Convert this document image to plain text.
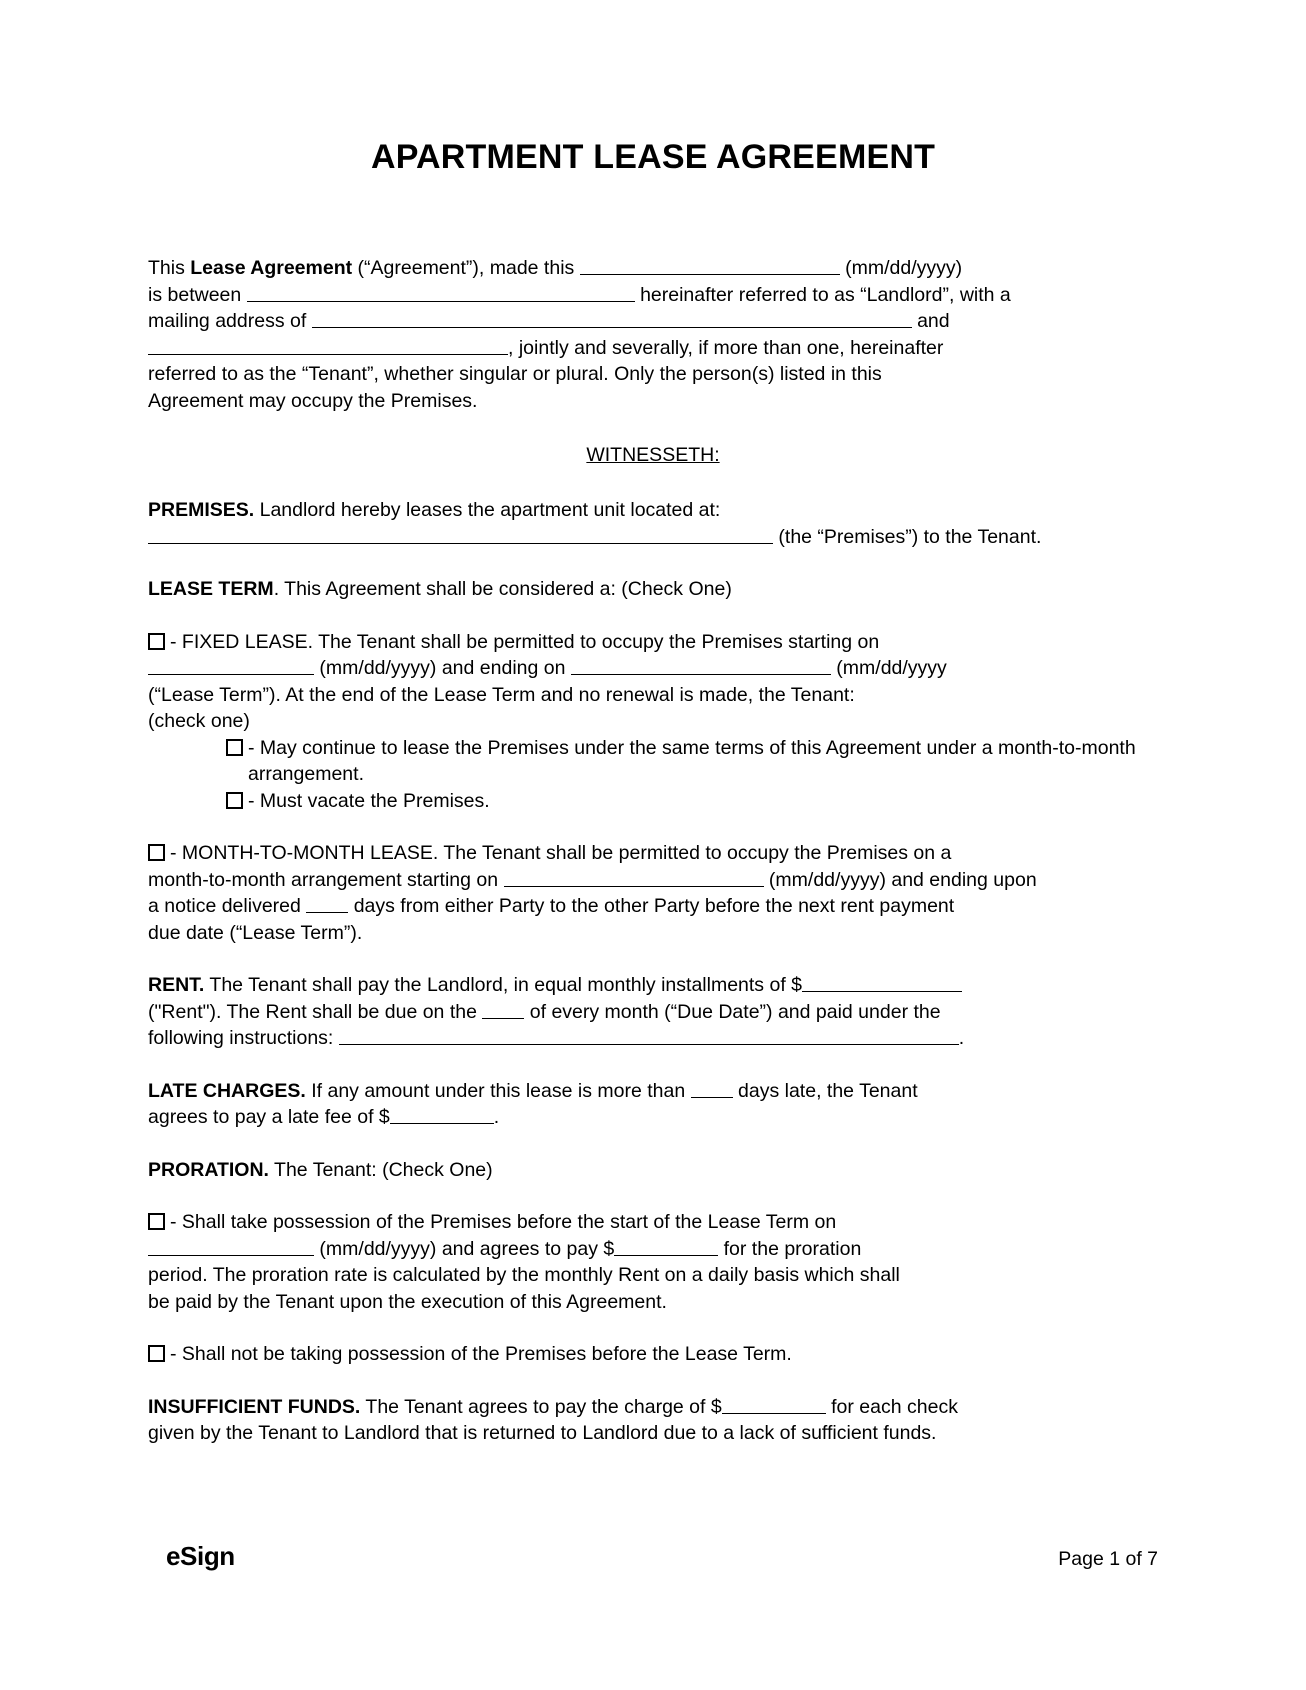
APARTMENT LEASE AGREEMENT

This Lease Agreement (“Agreement”), made this	(mm/dd/yyyy)

is between	hereinafter referred to as “Landlord”, with a

mailing address of	and

, jointly and severally, if more than one, hereinafter

referred to as the “Tenant”, whether singular or plural. Only the person(s) listed in this

Agreement may occupy the Premises.

WITNESSETH:

PREMISES. Landlord hereby leases the apartment unit located at:

(the “Premises”) to the Tenant.

LEASE TERM. This Agreement shall be considered a: (Check One)

- FIXED LEASE. The Tenant shall be permitted to occupy the Premises starting on

(mm/dd/yyyy) and ending on	(mm/dd/yyyy

(“Lease Term”). At the end of the Lease Term and no renewal is made, the Tenant:

(check one)

- May continue to lease the Premises under the same terms of this Agreement under a month-to-month arrangement.
- Must vacate the Premises.
- MONTH-TO-MONTH LEASE. The Tenant shall be permitted to occupy the Premises on a

month-to-month arrangement starting on	(mm/dd/yyyy) and ending upon

a notice delivered  days from either Party to the other Party before the next rent payment

due date (“Lease Term”).

RENT. The Tenant shall pay the Landlord, in equal monthly installments of $

("Rent"). The Rent shall be due on the  of every month (“Due Date”) and paid under the

following instructions:	.

LATE CHARGES. If any amount under this lease is more than  days late, the Tenant

agrees to pay a late fee of $	.

PRORATION. The Tenant: (Check One)

- Shall take possession of the Premises before the start of the Lease Term on

(mm/dd/yyyy) and agrees to pay $	for the proration

period. The proration rate is calculated by the monthly Rent on a daily basis which shall

be paid by the Tenant upon the execution of this Agreement.

- Shall not be taking possession of the Premises before the Lease Term.

INSUFFICIENT FUNDS. The Tenant agrees to pay the charge of $	for each check

given by the Tenant to Landlord that is returned to Landlord due to a lack of sufficient funds.

eSign	Page 1 of 7
